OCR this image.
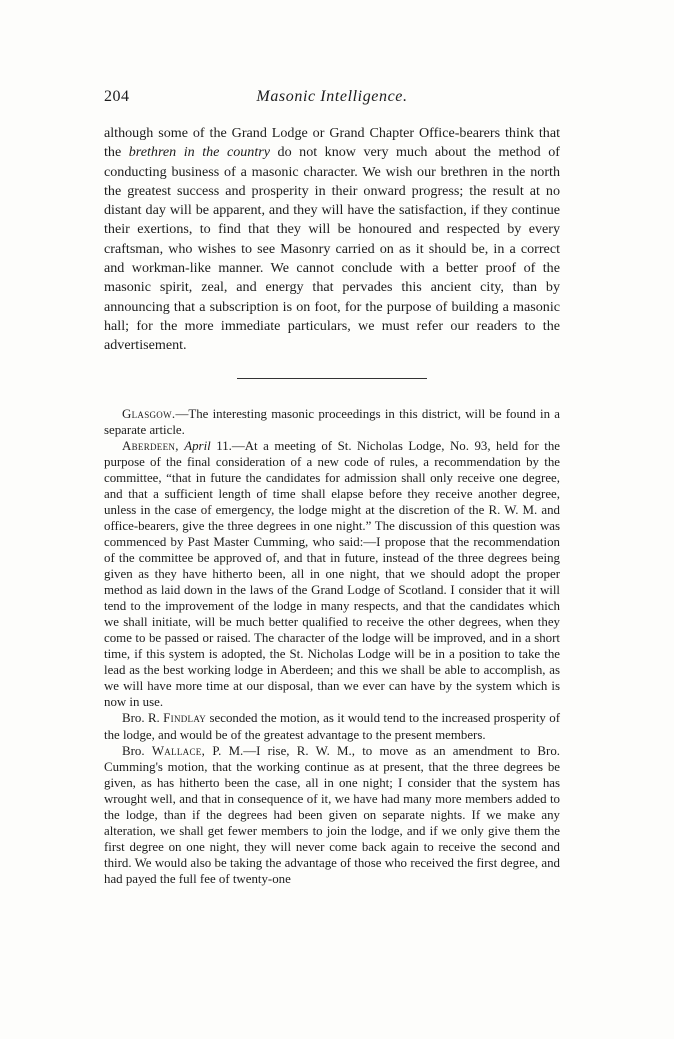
204	Masonic Intelligence.

although some of the Grand Lodge or Grand Chapter Office-bearers think that the brethren in the country do not know very much about the method of conducting business of a masonic character. We wish our brethren in the north the greatest success and prosperity in their onward progress; the result at no distant day will be apparent, and they will have the satisfaction, if they continue their exertions, to find that they will be honoured and respected by every craftsman, who wishes to see Masonry carried on as it should be, in a correct and workman-like manner. We cannot conclude with a better proof of the masonic spirit, zeal, and energy that pervades this ancient city, than by announcing that a subscription is on foot, for the purpose of building a masonic hall; for the more immediate particulars, we must refer our readers to the advertisement.

Glasgow.—The interesting masonic proceedings in this district, will be found in a separate article.

Aberdeen, April 11.—At a meeting of St. Nicholas Lodge, No. 93, held for the purpose of the final consideration of a new code of rules, a recommendation by the committee, “that in future the candidates for admission shall only receive one degree, and that a sufficient length of time shall elapse before they receive another degree, unless in the case of emergency, the lodge might at the discretion of the R. W. M. and office-bearers, give the three degrees in one night.” The discussion of this question was commenced by Past Master Cumming, who said:—I propose that the recommendation of the committee be approved of, and that in future, instead of the three degrees being given as they have hitherto been, all in one night, that we should adopt the proper method as laid down in the laws of the Grand Lodge of Scotland. I consider that it will tend to the improvement of the lodge in many respects, and that the candidates which we shall initiate, will be much better qualified to receive the other degrees, when they come to be passed or raised. The character of the lodge will be improved, and in a short time, if this system is adopted, the St. Nicholas Lodge will be in a position to take the lead as the best working lodge in Aberdeen; and this we shall be able to accomplish, as we will have more time at our disposal, than we ever can have by the system which is now in use.

Bro. R. Findlay seconded the motion, as it would tend to the increased prosperity of the lodge, and would be of the greatest advantage to the present members.

Bro. Wallace, P. M.—I rise, R. W. M., to move as an amendment to Bro. Cumming's motion, that the working continue as at present, that the three degrees be given, as has hitherto been the case, all in one night; I consider that the system has wrought well, and that in consequence of it, we have had many more members added to the lodge, than if the degrees had been given on separate nights. If we make any alteration, we shall get fewer members to join the lodge, and if we only give them the first degree on one night, they will never come back again to receive the second and third. We would also be taking the advantage of those who received the first degree, and had payed the full fee of twenty-one
